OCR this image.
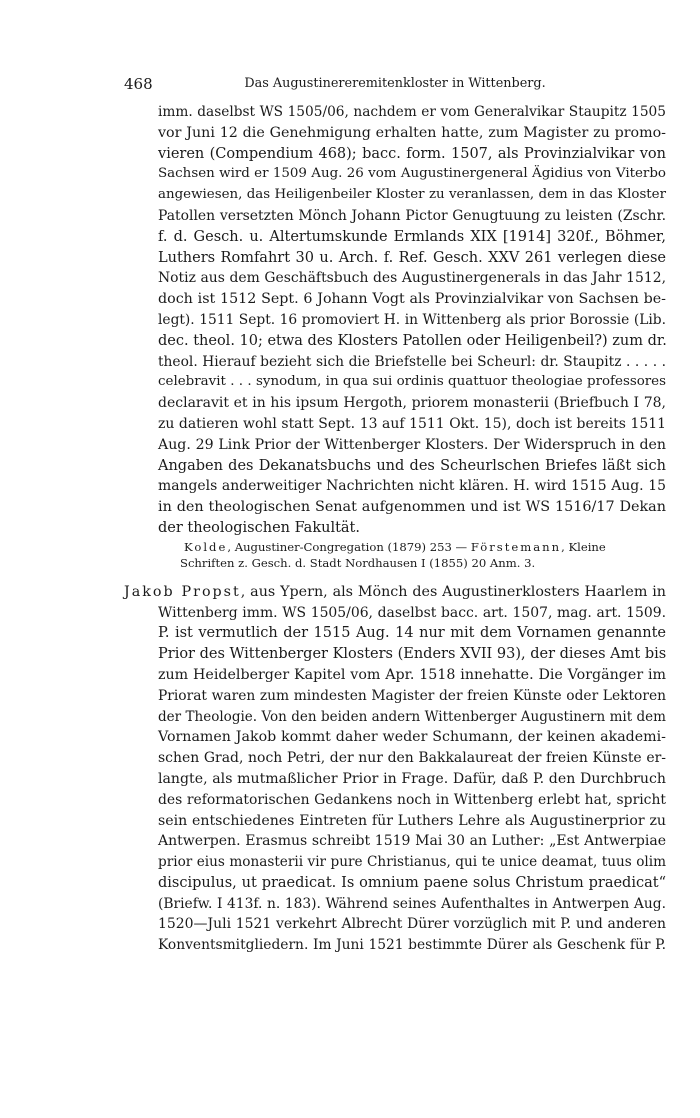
468	Das Augustinereremitenkloster in Wittenberg.
imm. daselbst WS 1505/06, nachdem er vom Generalvikar Staupitz 1505
vor Juni 12 die Genehmigung erhalten hatte, zum Magister zu promo-
vieren (Compendium 468); bacc. form. 1507, als Provinzialvikar von
Sachsen wird er 1509 Aug. 26 vom Augustinergeneral Ägidius von Viterbo
angewiesen, das Heiligenbeiler Kloster zu veranlassen, dem in das Kloster
Patollen versetzten Mönch Johann Pictor Genugtuung zu leisten (Zschr.
f. d. Gesch. u. Altertumskunde Ermlands XIX [1914] 320f., Böhmer,
Luthers Romfahrt 30 u. Arch. f. Ref. Gesch. XXV 261 verlegen diese
Notiz aus dem Geschäftsbuch des Augustinergenerals in das Jahr 1512,
doch ist 1512 Sept. 6 Johann Vogt als Provinzialvikar von Sachsen be-
legt). 1511 Sept. 16 promoviert H. in Wittenberg als prior Borossie (Lib.
dec. theol. 10; etwa des Klosters Patollen oder Heiligenbeil?) zum dr.
theol. Hierauf bezieht sich die Briefstelle bei Scheurl: dr. Staupitz . . . . .
celebravit . . . synodum, in qua sui ordinis quattuor theologiae professores
declaravit et in his ipsum Hergoth, priorem monasterii (Briefbuch I 78,
zu datieren wohl statt Sept. 13 auf 1511 Okt. 15), doch ist bereits 1511
Aug. 29 Link Prior der Wittenberger Klosters. Der Widerspruch in den
Angaben des Dekanatsbuchs und des Scheurlschen Briefes läßt sich
mangels anderweitiger Nachrichten nicht klären. H. wird 1515 Aug. 15
in den theologischen Senat aufgenommen und ist WS 1516/17 Dekan
der theologischen Fakultät.
Kolde, Augustiner-Congregation (1879) 253 — Förstemann, Kleine
Schriften z. Gesch. d. Stadt Nordhausen I (1855) 20 Anm. 3.
Jakob Propst, aus Ypern, als Mönch des Augustinerklosters Haarlem in
Wittenberg imm. WS 1505/06, daselbst bacc. art. 1507, mag. art. 1509.
P. ist vermutlich der 1515 Aug. 14 nur mit dem Vornamen genannte
Prior des Wittenberger Klosters (Enders XVII 93), der dieses Amt bis
zum Heidelberger Kapitel vom Apr. 1518 innehatte. Die Vorgänger im
Priorat waren zum mindesten Magister der freien Künste oder Lektoren
der Theologie. Von den beiden andern Wittenberger Augustinern mit dem
Vornamen Jakob kommt daher weder Schumann, der keinen akademi-
schen Grad, noch Petri, der nur den Bakkalaureat der freien Künste er-
langte, als mutmaßlicher Prior in Frage. Dafür, daß P. den Durchbruch
des reformatorischen Gedankens noch in Wittenberg erlebt hat, spricht
sein entschiedenes Eintreten für Luthers Lehre als Augustinerprior zu
Antwerpen. Erasmus schreibt 1519 Mai 30 an Luther: „Est Antwerpiae
prior eius monasterii vir pure Christianus, qui te unice deamat, tuus olim
discipulus, ut praedicat. Is omnium paene solus Christum praedicat“
(Briefw. I 413f. n. 183). Während seines Aufenthaltes in Antwerpen Aug.
1520—Juli 1521 verkehrt Albrecht Dürer vorzüglich mit P. und anderen
Konventsmitgliedern. Im Juni 1521 bestimmte Dürer als Geschenk für P.
